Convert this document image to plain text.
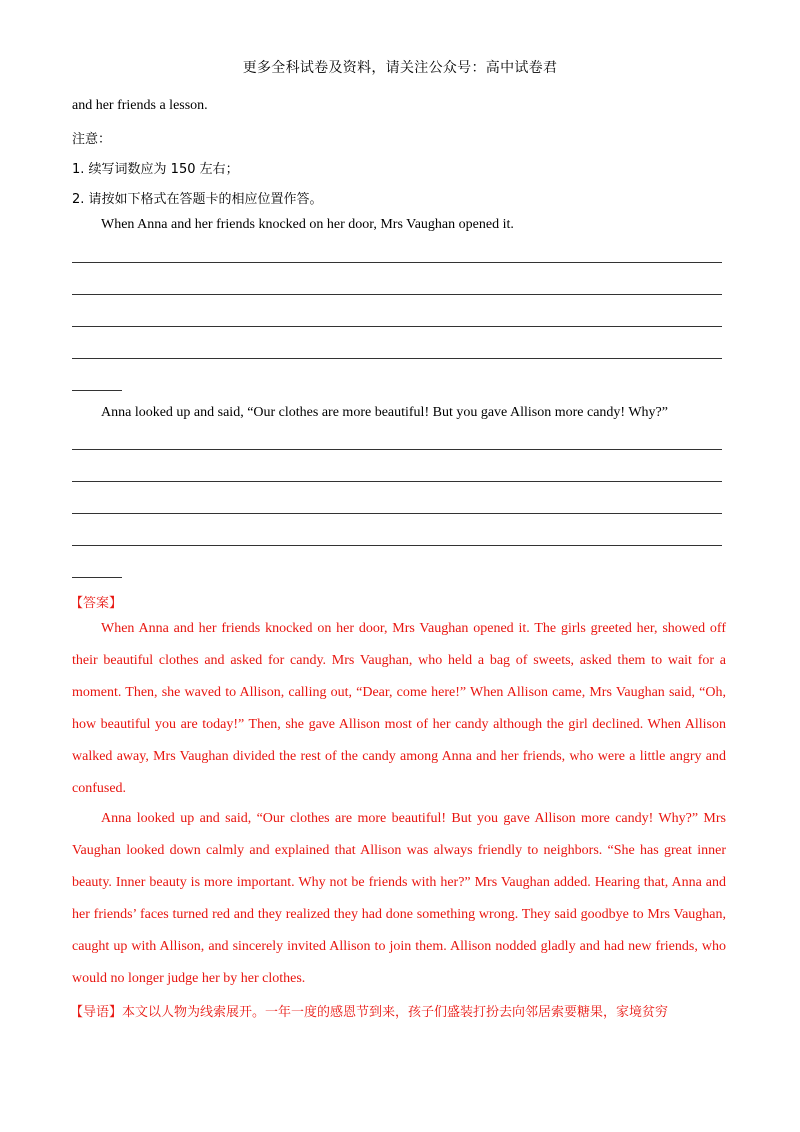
更多全科试卷及资料，请关注公众号：高中试卷君
and her friends a lesson.
注意：
1. 续写词数应为 150 左右；
2. 请按如下格式在答题卡的相应位置作答。
When Anna and her friends knocked on her door, Mrs Vaughan opened it.
Anna looked up and said, “Our clothes are more beautiful! But you gave Allison more candy! Why?”
【答案】

When Anna and her friends knocked on her door, Mrs Vaughan opened it. The girls greeted her, showed off their beautiful clothes and asked for candy. Mrs Vaughan, who held a bag of sweets, asked them to wait for a moment. Then, she waved to Allison, calling out, “Dear, come here!” When Allison came, Mrs Vaughan said, “Oh, how beautiful you are today!” Then, she gave Allison most of her candy although the girl declined. When Allison walked away, Mrs Vaughan divided the rest of the candy among Anna and her friends, who were a little angry and confused.

Anna looked up and said, “Our clothes are more beautiful! But you gave Allison more candy! Why?” Mrs Vaughan looked down calmly and explained that Allison was always friendly to neighbors. “She has great inner beauty. Inner beauty is more important. Why not be friends with her?” Mrs Vaughan added. Hearing that, Anna and her friends’ faces turned red and they realized they had done something wrong. They said goodbye to Mrs Vaughan, caught up with Allison, and sincerely invited Allison to join them. Allison nodded gladly and had new friends, who would no longer judge her by her clothes.

【导语】本文以人物为线索展开。一年一度的感恩节到来，孩子们盛装打扮去向邻居索要糖果，家境贫穷
